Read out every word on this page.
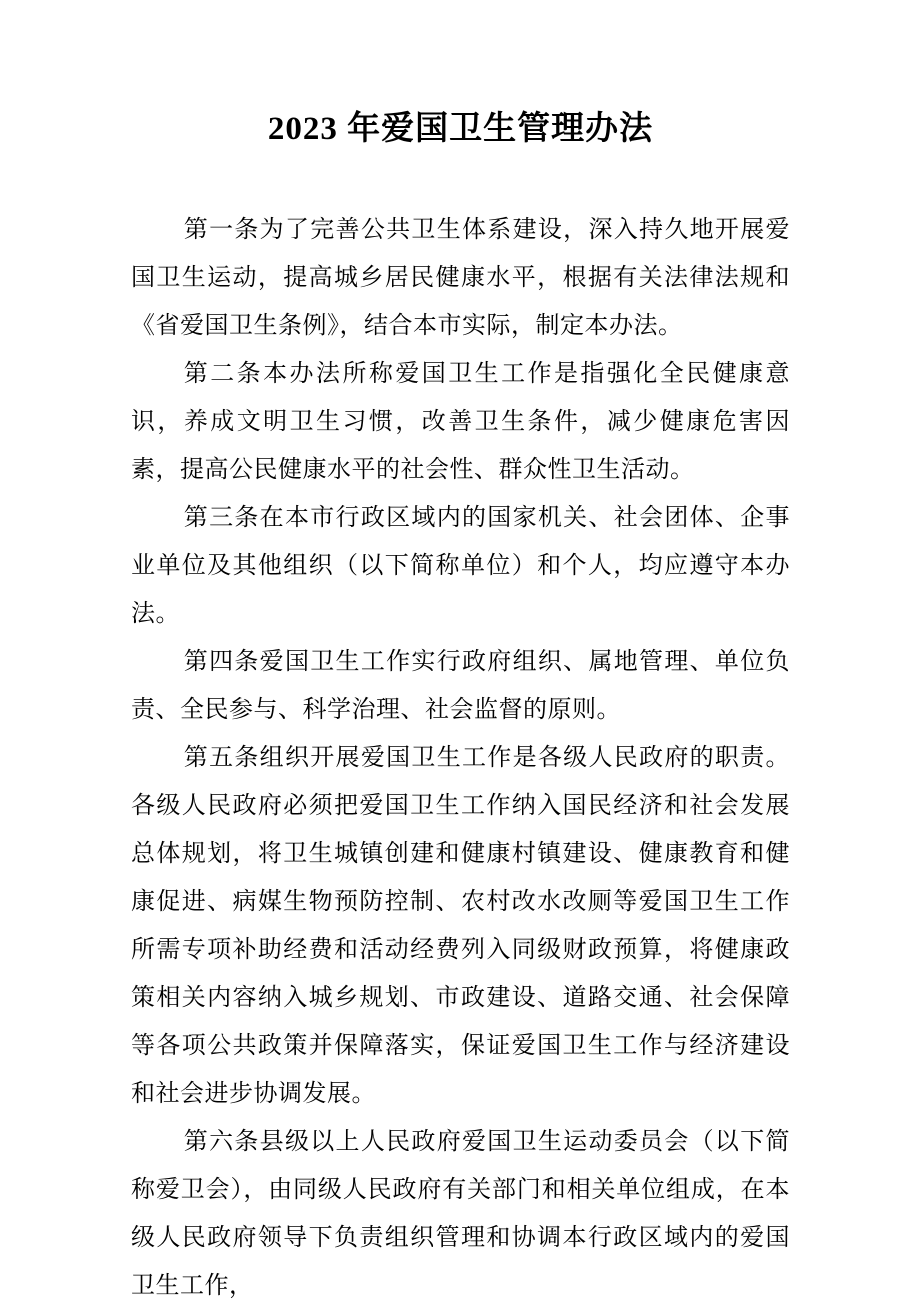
2023 年爱国卫生管理办法

第一条为了完善公共卫生体系建设，深入持久地开展爱国卫生运动，提高城乡居民健康水平，根据有关法律法规和《省爱国卫生条例》，结合本市实际，制定本办法。

第二条本办法所称爱国卫生工作是指强化全民健康意识，养成文明卫生习惯，改善卫生条件，减少健康危害因素，提高公民健康水平的社会性、群众性卫生活动。

第三条在本市行政区域内的国家机关、社会团体、企事业单位及其他组织（以下简称单位）和个人，均应遵守本办法。

第四条爱国卫生工作实行政府组织、属地管理、单位负责、全民参与、科学治理、社会监督的原则。

第五条组织开展爱国卫生工作是各级人民政府的职责。各级人民政府必须把爱国卫生工作纳入国民经济和社会发展总体规划，将卫生城镇创建和健康村镇建设、健康教育和健康促进、病媒生物预防控制、农村改水改厕等爱国卫生工作所需专项补助经费和活动经费列入同级财政预算，将健康政策相关内容纳入城乡规划、市政建设、道路交通、社会保障等各项公共政策并保障落实，保证爱国卫生工作与经济建设和社会进步协调发展。

第六条县级以上人民政府爱国卫生运动委员会（以下简称爱卫会），由同级人民政府有关部门和相关单位组成，在本级人民政府领导下负责组织管理和协调本行政区域内的爱国卫生工作，
